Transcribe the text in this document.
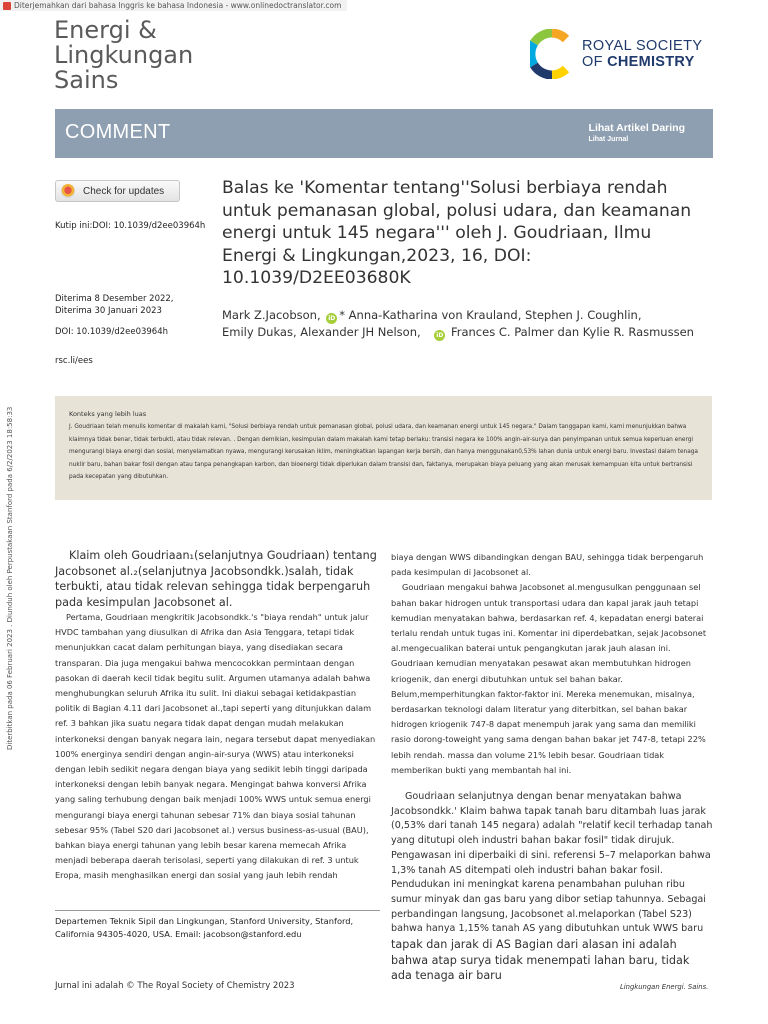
Diterjemahkan dari bahasa Inggris ke bahasa Indonesia - www.onlinedoctranslator.com
Energi &
Lingkungan
Sains
ROYAL SOCIETY
OF CHEMISTRY
COMMENT	Lihat Artikel Daring
Lihat Jurnal
Check for updates
Kutip ini:DOI: 10.1039/d2ee03964h
Diterima 8 Desember 2022,
Diterima 30 Januari 2023
DOI: 10.1039/d2ee03964h
rsc.li/ees
Balas ke 'Komentar tentang''Solusi berbiaya rendah untuk pemanasan global, polusi udara, dan keamanan energi untuk 145 negara''' oleh J. Goudriaan, Ilmu Energi & Lingkungan,2023, 16, DOI: 10.1039/D2EE03680K
Mark Z.Jacobson, iD * Anna-Katharina von Krauland, Stephen J. Coughlin,
Emily Dukas, Alexander JH Nelson,	iD Frances C. Palmer dan Kylie R. Rasmussen
Konteks yang lebih luas
J. Goudriaan telah menulis komentar di makalah kami, "Solusi berbiaya rendah untuk pemanasan global, polusi udara, dan keamanan energi untuk 145 negara." Dalam tanggapan kami, kami menunjukkan bahwa klaimnya tidak benar, tidak terbukti, atau tidak relevan. . Dengan demikian, kesimpulan dalam makalah kami tetap berlaku: transisi negara ke 100% angin-air-surya dan penyimpanan untuk semua keperluan energi mengurangi biaya energi dan sosial, menyelamatkan nyawa, mengurangi kerusakan iklim, meningkatkan lapangan kerja bersih, dan hanya menggunakan0,53% lahan dunia untuk energi baru. Investasi dalam tenaga nuklir baru, bahan bakar fosil dengan atau tanpa penangkapan karbon, dan bioenergi tidak diperlukan dalam transisi dan, faktanya, merupakan biaya peluang yang akan merusak kemampuan kita untuk bertransisi pada kecepatan yang dibutuhkan.

Klaim oleh Goudriaan₁(selanjutnya Goudriaan) tentang Jacobsonet al.₂(selanjutnya Jacobsondkk.)salah, tidak terbukti, atau tidak relevan sehingga tidak berpengaruh pada kesimpulan Jacobsonet al.

Pertama, Goudriaan mengkritik Jacobsondkk.'s "biaya rendah" untuk jalur HVDC tambahan yang diusulkan di Afrika dan Asia Tenggara, tetapi tidak menunjukkan cacat dalam perhitungan biaya, yang disediakan secara transparan. Dia juga mengakui bahwa mencocokkan permintaan dengan pasokan di daerah kecil tidak begitu sulit. Argumen utamanya adalah bahwa menghubungkan seluruh Afrika itu sulit. Ini diakui sebagai ketidakpastian politik di Bagian 4.11 dari Jacobsonet al.,tapi seperti yang ditunjukkan dalam ref. 3 bahkan jika suatu negara tidak dapat dengan mudah melakukan interkoneksi dengan banyak negara lain, negara tersebut dapat menyediakan 100% energinya sendiri dengan angin-air-surya (WWS) atau interkoneksi dengan lebih sedikit negara dengan biaya yang sedikit lebih tinggi daripada interkoneksi dengan lebih banyak negara. Mengingat bahwa konversi Afrika yang saling terhubung dengan baik menjadi 100% WWS untuk semua energi mengurangi biaya energi tahunan sebesar 71% dan biaya sosial tahunan sebesar 95% (Tabel S20 dari Jacobsonet al.) versus business-as-usual (BAU), bahkan biaya energi tahunan yang lebih besar karena memecah Afrika menjadi beberapa daerah terisolasi, seperti yang dilakukan di ref. 3 untuk Eropa, masih menghasilkan energi dan sosial yang jauh lebih rendah

biaya dengan WWS dibandingkan dengan BAU, sehingga tidak berpengaruh pada kesimpulan di Jacobsonet al.

Goudriaan mengakui bahwa Jacobsonet al.mengusulkan penggunaan sel bahan bakar hidrogen untuk transportasi udara dan kapal jarak jauh tetapi kemudian menyatakan bahwa, berdasarkan ref. 4, kepadatan energi baterai terlalu rendah untuk tugas ini. Komentar ini diperdebatkan, sejak Jacobsonet al.mengecualikan baterai untuk pengangkutan jarak jauh alasan ini. Goudriaan kemudian menyatakan pesawat akan membutuhkan hidrogen kriogenik, dan energi dibutuhkan untuk sel bahan bakar. Belum,memperhitungkan faktor-faktor ini. Mereka menemukan, misalnya, berdasarkan teknologi dalam literatur yang diterbitkan, sel bahan bakar hidrogen kriogenik 747-8 dapat menempuh jarak yang sama dan memiliki rasio dorong-toweight yang sama dengan bahan bakar jet 747-8, tetapi 22% lebih rendah. massa dan volume 21% lebih besar. Goudriaan tidak memberikan bukti yang membantah hal ini.

Goudriaan selanjutnya dengan benar menyatakan bahwa Jacobsondkk.' Klaim bahwa tapak tanah baru ditambah luas jarak (0,53% dari tanah 145 negara) adalah "relatif kecil terhadap tanah yang ditutupi oleh industri bahan bakar fosil" tidak dirujuk. Pengawasan ini diperbaiki di sini. referensi 5–7 melaporkan bahwa 1,3% tanah AS ditempati oleh industri bahan bakar fosil. Pendudukan ini meningkat karena penambahan puluhan ribu sumur minyak dan gas baru yang dibor setiap tahunnya. Sebagai perbandingan langsung, Jacobsonet al.melaporkan (Tabel S23) bahwa hanya 1,15% tanah AS yang dibutuhkan untuk WWS baru

tapak dan jarak di AS Bagian dari alasan ini adalah bahwa atap surya tidak menempati lahan baru, tidak ada tenaga air baru

Departemen Teknik Sipil dan Lingkungan, Stanford University, Stanford, California 94305-4020, USA. Email: jacobson@stanford.edu
Jurnal ini adalah © The Royal Society of Chemistry 2023	Lingkungan Energi. Sains.
Diterbitkan pada 06 Februari 2023 . Diunduh oleh Perpustakaan Stanford pada 6/2/2023 18:58:33
